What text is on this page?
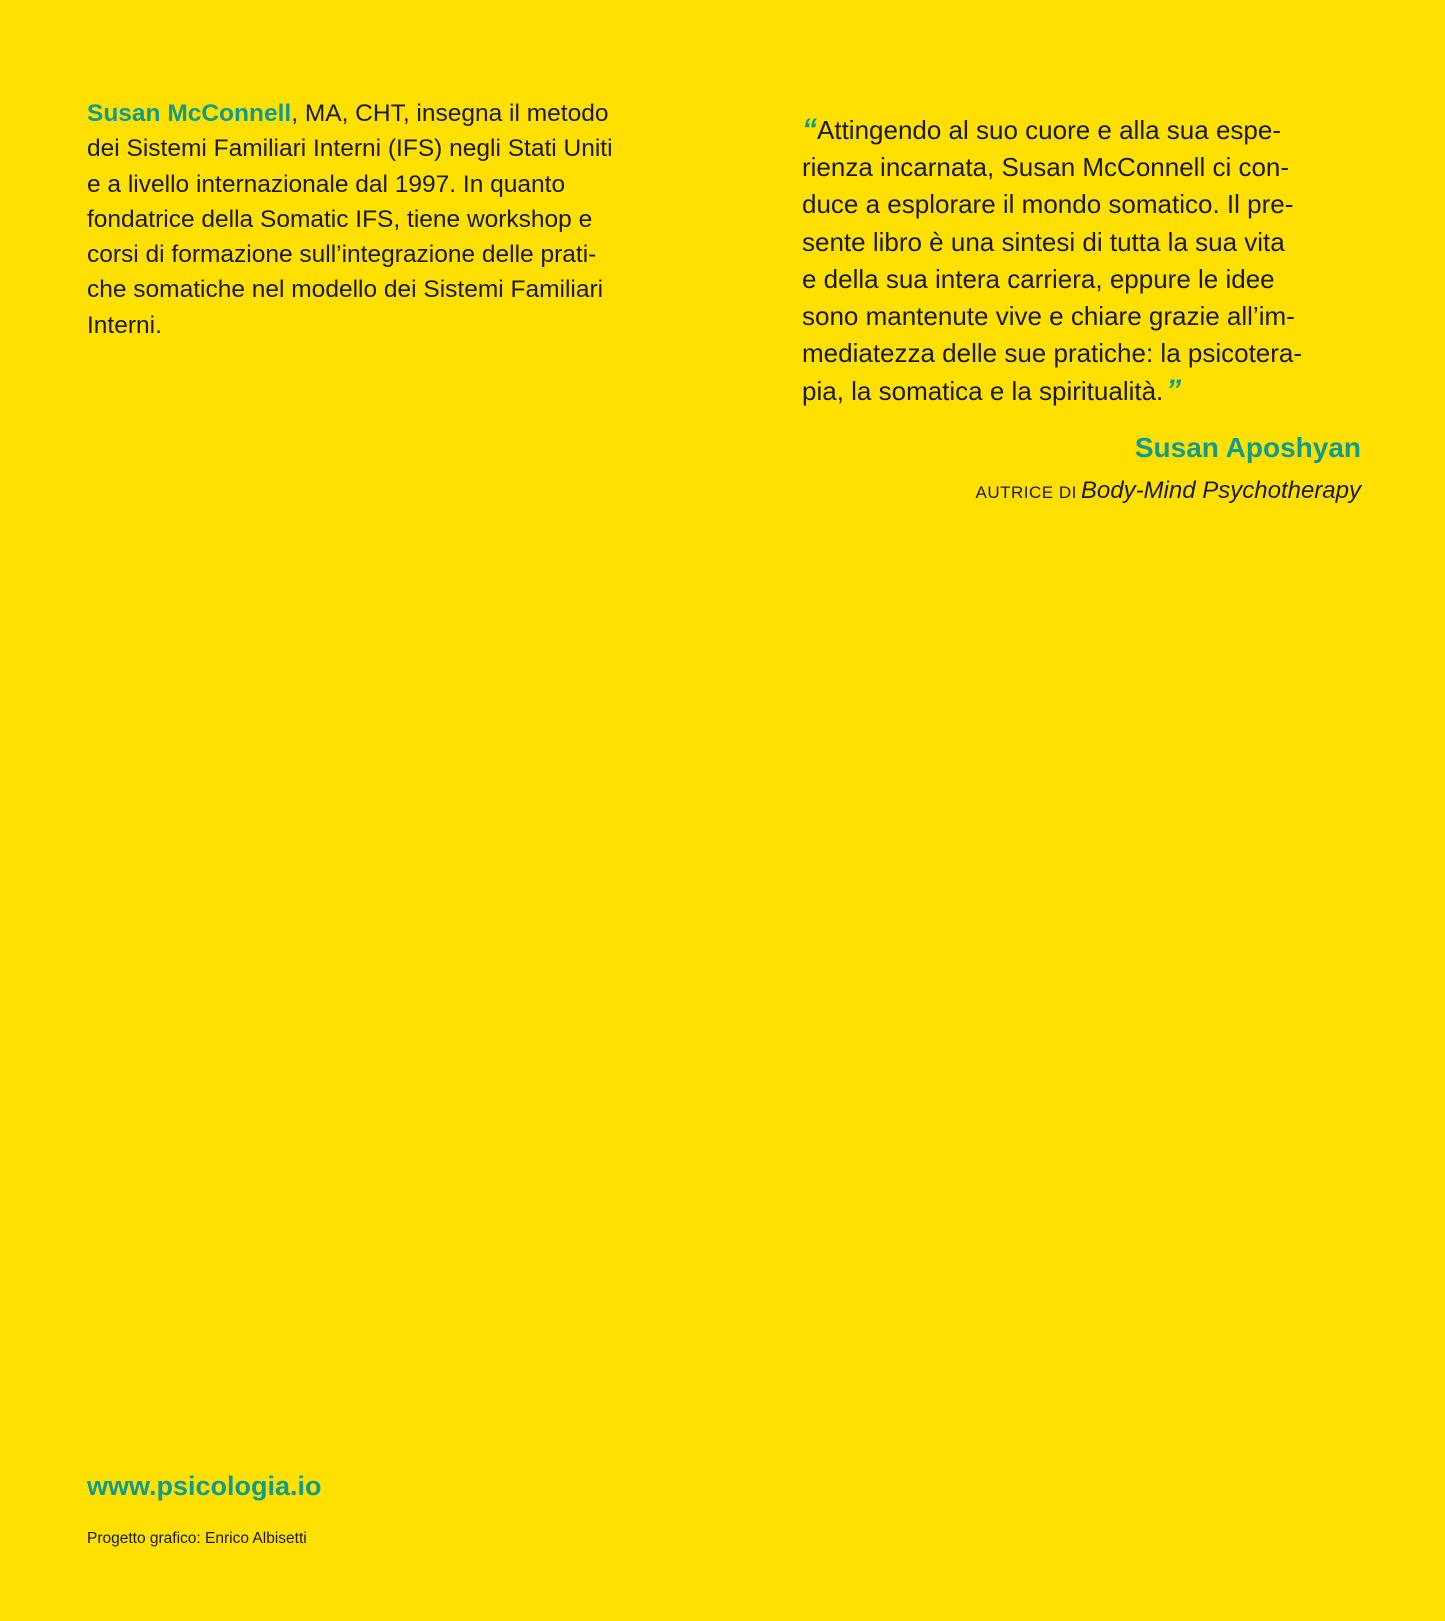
Susan McConnell, MA, CHT, insegna il metodo
dei Sistemi Familiari Interni (IFS) negli Stati Uniti
e a livello internazionale dal 1997. In quanto
fondatrice della Somatic IFS, tiene workshop e
corsi di formazione sull’integrazione delle prati-
che somatiche nel modello dei Sistemi Familiari
Interni.
“Attingendo al suo cuore e alla sua espe-
rienza incarnata, Susan McConnell ci con-
duce a esplorare il mondo somatico. Il pre-
sente libro è una sintesi di tutta la sua vita
e della sua intera carriera, eppure le idee
sono mantenute vive e chiare grazie all’im-
mediatezza delle sue pratiche: la psicotera-
pia, la somatica e la spiritualità. ”
Susan Aposhyan
AUTRICE DI Body-Mind Psychotherapy
www.psicologia.io
Progetto grafico: Enrico Albisetti
